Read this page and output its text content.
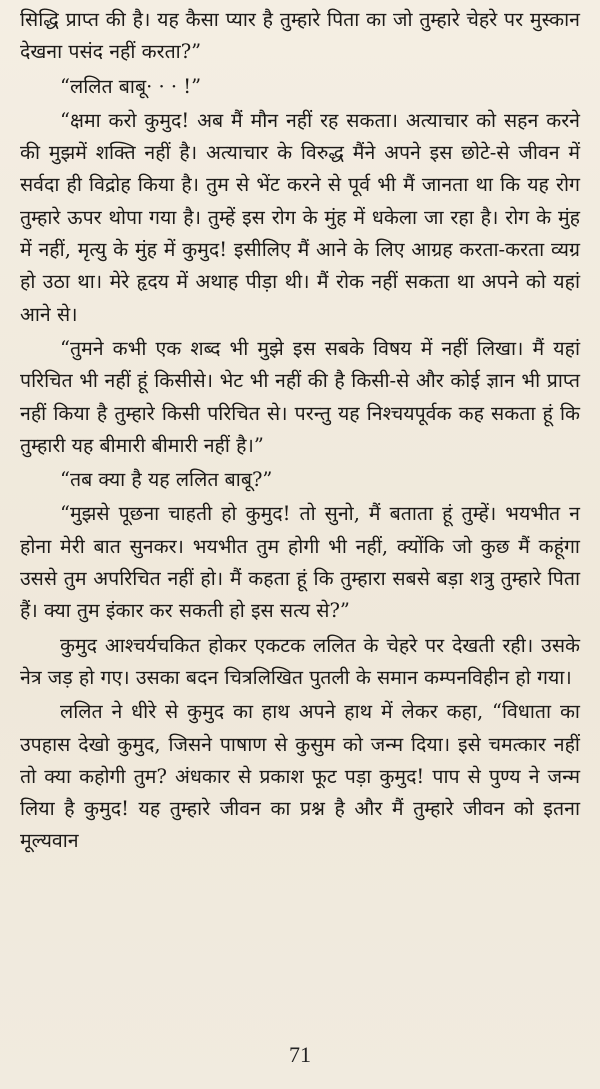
सिद्धि प्राप्त की है। यह कैसा प्यार है तुम्हारे पिता का जो तुम्हारे चेहरे पर मुस्कान देखना पसंद नहीं करता?”

“ललित बाबू· · · !”

“क्षमा करो कुमुद! अब मैं मौन नहीं रह सकता। अत्याचार को सहन करने की मुझमें शक्ति नहीं है। अत्याचार के विरुद्ध मैंने अपने इस छोटे-से जीवन में सर्वदा ही विद्रोह किया है। तुम से भेंट करने से पूर्व भी मैं जानता था कि यह रोग तुम्हारे ऊपर थोपा गया है। तुम्हें इस रोग के मुंह में धकेला जा रहा है। रोग के मुंह में नहीं, मृत्यु के मुंह में कुमुद! इसीलिए मैं आने के लिए आग्रह करता-करता व्यग्र हो उठा था। मेरे हृदय में अथाह पीड़ा थी। मैं रोक नहीं सकता था अपने को यहां आने से।

“तुमने कभी एक शब्द भी मुझे इस सबके विषय में नहीं लिखा। मैं यहां परिचित भी नहीं हूं किसीसे। भेट भी नहीं की है किसी-से और कोई ज्ञान भी प्राप्त नहीं किया है तुम्हारे किसी परिचित से। परन्तु यह निश्चयपूर्वक कह सकता हूं कि तुम्हारी यह बीमारी बीमारी नहीं है।”

“तब क्या है यह ललित बाबू?”

“मुझसे पूछना चाहती हो कुमुद! तो सुनो, मैं बताता हूं तुम्हें। भयभीत न होना मेरी बात सुनकर। भयभीत तुम होगी भी नहीं, क्योंकि जो कुछ मैं कहूंगा उससे तुम अपरिचित नहीं हो। मैं कहता हूं कि तुम्हारा सबसे बड़ा शत्रु तुम्हारे पिता हैं। क्या तुम इंकार कर सकती हो इस सत्य से?”

कुमुद आश्चर्यचकित होकर एकटक ललित के चेहरे पर देखती रही। उसके नेत्र जड़ हो गए। उसका बदन चित्रलिखित पुतली के समान कम्पनविहीन हो गया।

ललित ने धीरे से कुमुद का हाथ अपने हाथ में लेकर कहा, “विधाता का उपहास देखो कुमुद, जिसने पाषाण से कुसुम को जन्म दिया। इसे चमत्कार नहीं तो क्या कहोगी तुम? अंधकार से प्रकाश फूट पड़ा कुमुद! पाप से पुण्य ने जन्म लिया है कुमुद! यह तुम्हारे जीवन का प्रश्न है और मैं तुम्हारे जीवन को इतना मूल्यवान

71
